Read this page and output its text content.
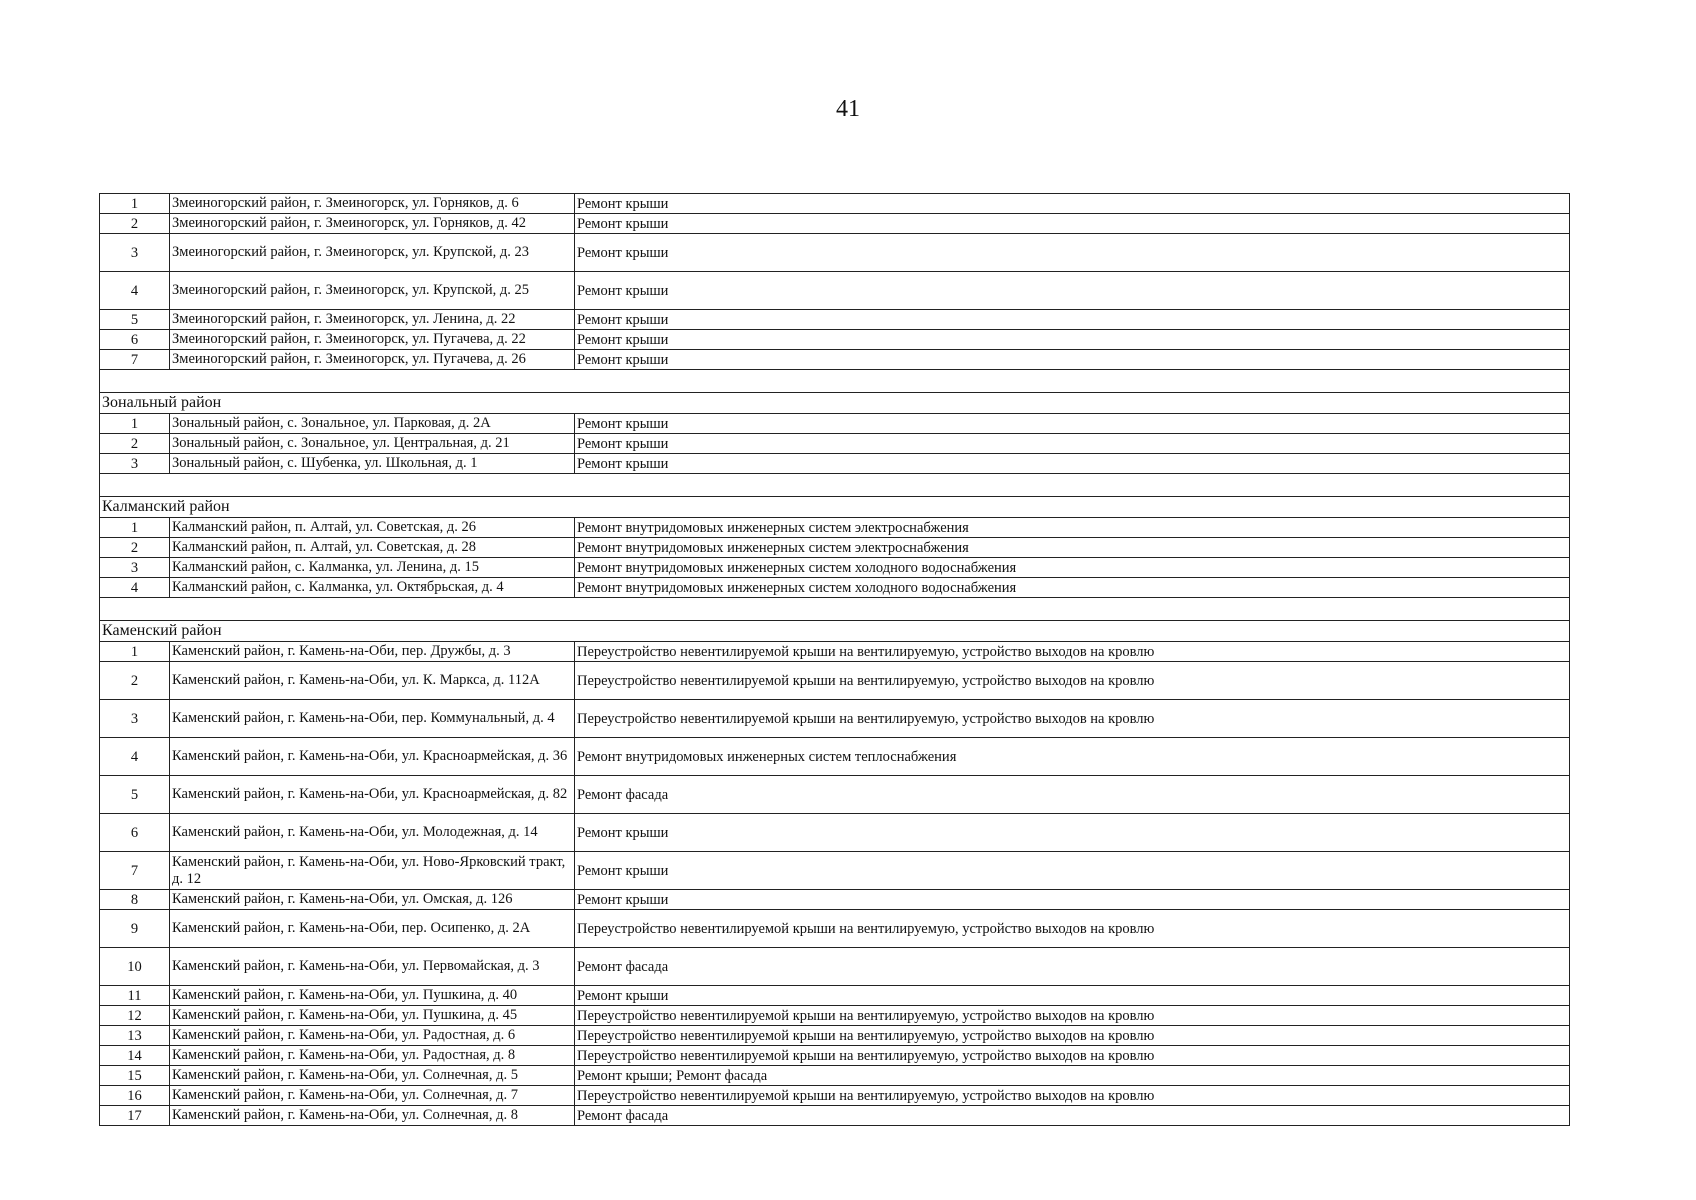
41
1	Змеиногорский район, г. Змеиногорск, ул. Горняков, д. 6	Ремонт крыши
2	Змеиногорский район, г. Змеиногорск, ул. Горняков, д. 42	Ремонт крыши
3	Змеиногорский район, г. Змеиногорск, ул. Крупской, д. 23	Ремонт крыши
4	Змеиногорский район, г. Змеиногорск, ул. Крупской, д. 25	Ремонт крыши
5	Змеиногорский район, г. Змеиногорск, ул. Ленина, д. 22	Ремонт крыши
6	Змеиногорский район, г. Змеиногорск, ул. Пугачева, д. 22	Ремонт крыши
7	Змеиногорский район, г. Змеиногорск, ул. Пугачева, д. 26	Ремонт крыши

Зональный район		
1	Зональный район, с. Зональное, ул. Парковая, д. 2А	Ремонт крыши
2	Зональный район, с. Зональное, ул. Центральная, д. 21	Ремонт крыши
3	Зональный район, с. Шубенка, ул. Школьная, д. 1	Ремонт крыши

Калманский район		
1	Калманский район, п. Алтай, ул. Советская, д. 26	Ремонт внутридомовых инженерных систем электроснабжения
2	Калманский район, п. Алтай, ул. Советская, д. 28	Ремонт внутридомовых инженерных систем электроснабжения
3	Калманский район, с. Калманка, ул. Ленина, д. 15	Ремонт внутридомовых инженерных систем холодного водоснабжения
4	Калманский район, с. Калманка, ул. Октябрьская, д. 4	Ремонт внутридомовых инженерных систем холодного водоснабжения

Каменский район		
1	Каменский район, г. Камень-на-Оби, пер. Дружбы, д. 3	Переустройство невентилируемой крыши на вентилируемую, устройство выходов на кровлю
2	Каменский район, г. Камень-на-Оби, ул. К. Маркса, д. 112А	Переустройство невентилируемой крыши на вентилируемую, устройство выходов на кровлю
3	Каменский район, г. Камень-на-Оби, пер. Коммунальный, д. 4	Переустройство невентилируемой крыши на вентилируемую, устройство выходов на кровлю
4	Каменский район, г. Камень-на-Оби, ул. Красноармейская, д. 36	Ремонт внутридомовых инженерных систем теплоснабжения
5	Каменский район, г. Камень-на-Оби, ул. Красноармейская, д. 82	Ремонт фасада
6	Каменский район, г. Камень-на-Оби, ул. Молодежная, д. 14	Ремонт крыши
7	Каменский район, г. Камень-на-Оби, ул. Ново-Ярковский тракт, д. 12	Ремонт крыши
8	Каменский район, г. Камень-на-Оби, ул. Омская, д. 126	Ремонт крыши
9	Каменский район, г. Камень-на-Оби, пер. Осипенко, д. 2А	Переустройство невентилируемой крыши на вентилируемую, устройство выходов на кровлю
10	Каменский район, г. Камень-на-Оби, ул. Первомайская, д. 3	Ремонт фасада
11	Каменский район, г. Камень-на-Оби, ул. Пушкина, д. 40	Ремонт крыши
12	Каменский район, г. Камень-на-Оби, ул. Пушкина, д. 45	Переустройство невентилируемой крыши на вентилируемую, устройство выходов на кровлю
13	Каменский район, г. Камень-на-Оби, ул. Радостная, д. 6	Переустройство невентилируемой крыши на вентилируемую, устройство выходов на кровлю
14	Каменский район, г. Камень-на-Оби, ул. Радостная, д. 8	Переустройство невентилируемой крыши на вентилируемую, устройство выходов на кровлю
15	Каменский район, г. Камень-на-Оби, ул. Солнечная, д. 5	Ремонт крыши; Ремонт фасада
16	Каменский район, г. Камень-на-Оби, ул. Солнечная, д. 7	Переустройство невентилируемой крыши на вентилируемую, устройство выходов на кровлю
17	Каменский район, г. Камень-на-Оби, ул. Солнечная, д. 8	Ремонт фасада
